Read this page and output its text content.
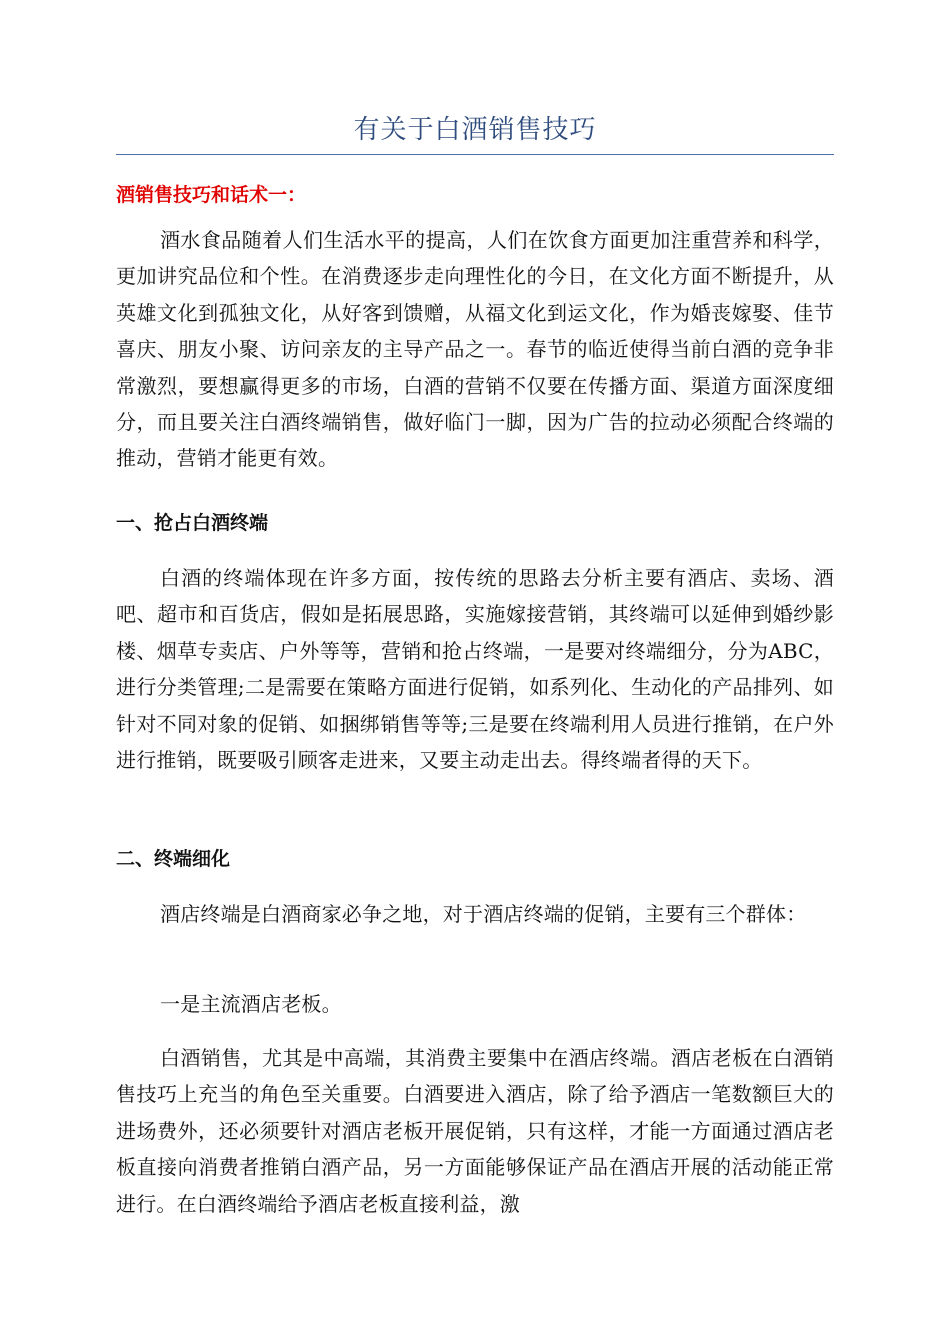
有关于白酒销售技巧
酒销售技巧和话术一：

酒水食品随着人们生活水平的提高，人们在饮食方面更加注重营养和科学，更加讲究品位和个性。在消费逐步走向理性化的今日，在文化方面不断提升，从英雄文化到孤独文化，从好客到馈赠，从福文化到运文化，作为婚丧嫁娶、佳节喜庆、朋友小聚、访问亲友的主导产品之一。春节的临近使得当前白酒的竞争非常激烈，要想赢得更多的市场，白酒的营销不仅要在传播方面、渠道方面深度细分，而且要关注白酒终端销售，做好临门一脚，因为广告的拉动必须配合终端的推动，营销才能更有效。

一、抢占白酒终端

白酒的终端体现在许多方面，按传统的思路去分析主要有酒店、卖场、酒吧、超市和百货店，假如是拓展思路，实施嫁接营销，其终端可以延伸到婚纱影楼、烟草专卖店、户外等等，营销和抢占终端，一是要对终端细分，分为ABC，进行分类管理;二是需要在策略方面进行促销，如系列化、生动化的产品排列、如针对不同对象的促销、如捆绑销售等等;三是要在终端利用人员进行推销，在户外进行推销，既要吸引顾客走进来，又要主动走出去。得终端者得的天下。

二、终端细化

酒店终端是白酒商家必争之地，对于酒店终端的促销，主要有三个群体：

一是主流酒店老板。

白酒销售，尤其是中高端，其消费主要集中在酒店终端。酒店老板在白酒销售技巧上充当的角色至关重要。白酒要进入酒店，除了给予酒店一笔数额巨大的进场费外，还必须要针对酒店老板开展促销，只有这样，才能一方面通过酒店老板直接向消费者推销白酒产品，另一方面能够保证产品在酒店开展的活动能正常进行。在白酒终端给予酒店老板直接利益，激
